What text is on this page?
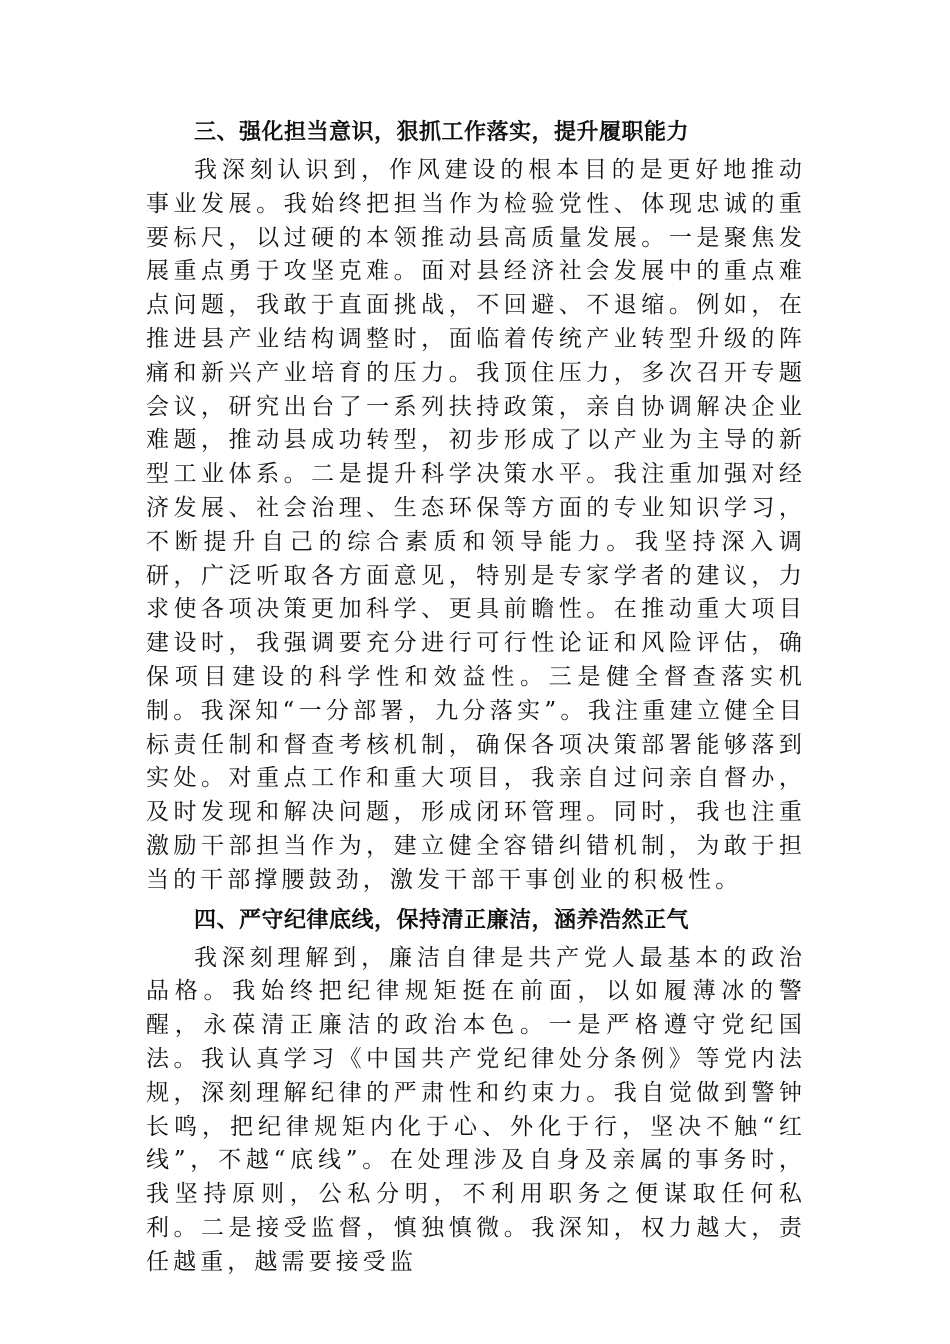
三、强化担当意识，狠抓工作落实，提升履职能力

我深刻认识到，作风建设的根本目的是更好地推动事业发展。我始终把担当作为检验党性、体现忠诚的重要标尺，以过硬的本领推动县高质量发展。一是聚焦发展重点勇于攻坚克难。面对县经济社会发展中的重点难点问题，我敢于直面挑战，不回避、不退缩。例如，在推进县产业结构调整时，面临着传统产业转型升级的阵痛和新兴产业培育的压力。我顶住压力，多次召开专题会议，研究出台了一系列扶持政策，亲自协调解决企业难题，推动县成功转型，初步形成了以产业为主导的新型工业体系。二是提升科学决策水平。我注重加强对经济发展、社会治理、生态环保等方面的专业知识学习，不断提升自己的综合素质和领导能力。我坚持深入调研，广泛听取各方面意见，特别是专家学者的建议，力求使各项决策更加科学、更具前瞻性。在推动重大项目建设时，我强调要充分进行可行性论证和风险评估，确保项目建设的科学性和效益性。三是健全督查落实机制。我深知“一分部署，九分落实”。我注重建立健全目标责任制和督查考核机制，确保各项决策部署能够落到实处。对重点工作和重大项目，我亲自过问亲自督办，及时发现和解决问题，形成闭环管理。同时，我也注重激励干部担当作为，建立健全容错纠错机制，为敢于担当的干部撑腰鼓劲，激发干部干事创业的积极性。

四、严守纪律底线，保持清正廉洁，涵养浩然正气

我深刻理解到，廉洁自律是共产党人最基本的政治品格。我始终把纪律规矩挺在前面，以如履薄冰的警醒，永葆清正廉洁的政治本色。一是严格遵守党纪国法。我认真学习《中国共产党纪律处分条例》等党内法规，深刻理解纪律的严肃性和约束力。我自觉做到警钟长鸣，把纪律规矩内化于心、外化于行，坚决不触“红线”，不越“底线”。在处理涉及自身及亲属的事务时，我坚持原则，公私分明，不利用职务之便谋取任何私利。二是接受监督，慎独慎微。我深知，权力越大，责任越重，越需要接受监
